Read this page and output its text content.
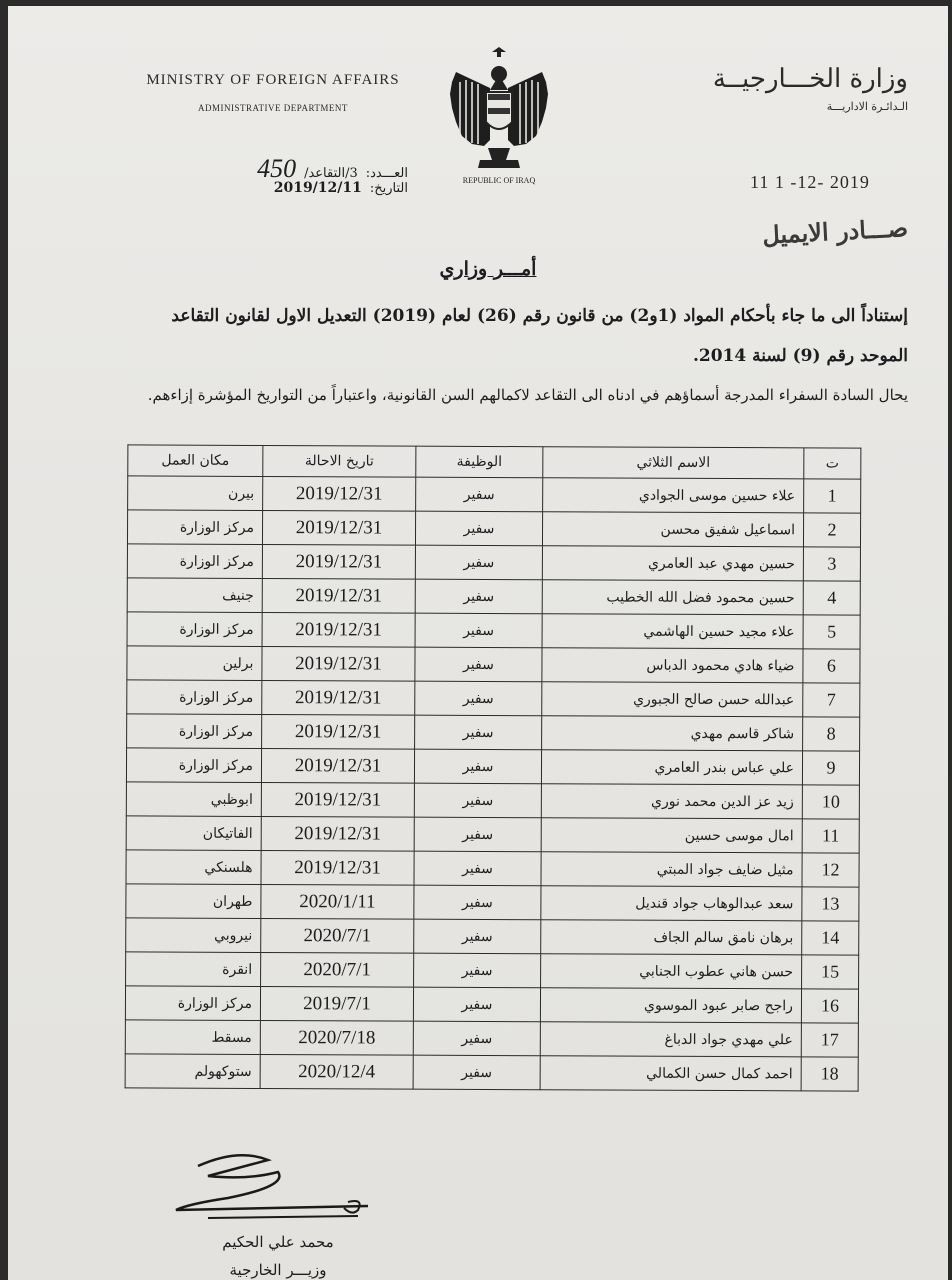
MINISTRY OF FOREIGN AFFAIRS
ADMINISTRATIVE DEPARTMENT
REPUBLIC OF IRAQ
وزارة الخـــارجيــة
الـدائـرة الاداريـــة
العـــدد:
3/التقاعد/
450
التاريخ:
2019/12/11	11 1 -12- 2019
صـــادر الايميل
أمـــر وزاري
إستناداً الى ما جاء بأحكام المواد (1و2) من قانون رقم (26) لعام (2019) التعديل الاول لقانون التقاعد الموحد رقم (9) لسنة 2014.
يحال السادة السفراء المدرجة أسماؤهم في ادناه الى التقاعد لاكمالهم السن القانونية، واعتباراً من التواريخ المؤشرة إزاءهم.
ت	الاسم الثلاثي	الوظيفة	تاريخ الاحالة	مكان العمل
1	علاء حسين موسى الجوادي	سفير	2019/12/31	بيرن
2	اسماعيل شفيق محسن	سفير	2019/12/31	مركز الوزارة
3	حسين مهدي عبد العامري	سفير	2019/12/31	مركز الوزارة
4	حسين محمود فضل الله الخطيب	سفير	2019/12/31	جنيف
5	علاء مجيد حسين الهاشمي	سفير	2019/12/31	مركز الوزارة
6	ضياء هادي محمود الدباس	سفير	2019/12/31	برلين
7	عبدالله حسن صالح الجبوري	سفير	2019/12/31	مركز الوزارة
8	شاكر قاسم مهدي	سفير	2019/12/31	مركز الوزارة
9	علي عباس بندر العامري	سفير	2019/12/31	مركز الوزارة
10	زيد عز الدين محمد نوري	سفير	2019/12/31	ابوظبي
11	امال موسى حسين	سفير	2019/12/31	الفاتيكان
12	مثيل ضايف جواد المبتي	سفير	2019/12/31	هلسنكي
13	سعد عبدالوهاب جواد قنديل	سفير	2020/1/11	طهران
14	برهان نامق سالم الجاف	سفير	2020/7/1	نيروبي
15	حسن هاني عطوب الجنابي	سفير	2020/7/1	انقرة
16	راجح صابر عبود الموسوي	سفير	2019/7/1	مركز الوزارة
17	علي مهدي جواد الدباغ	سفير	2020/7/18	مسقط
18	احمد كمال حسن الكمالي	سفير	2020/12/4	ستوكهولم
محمد علي الحكيم
وزيـــر الخارجية
